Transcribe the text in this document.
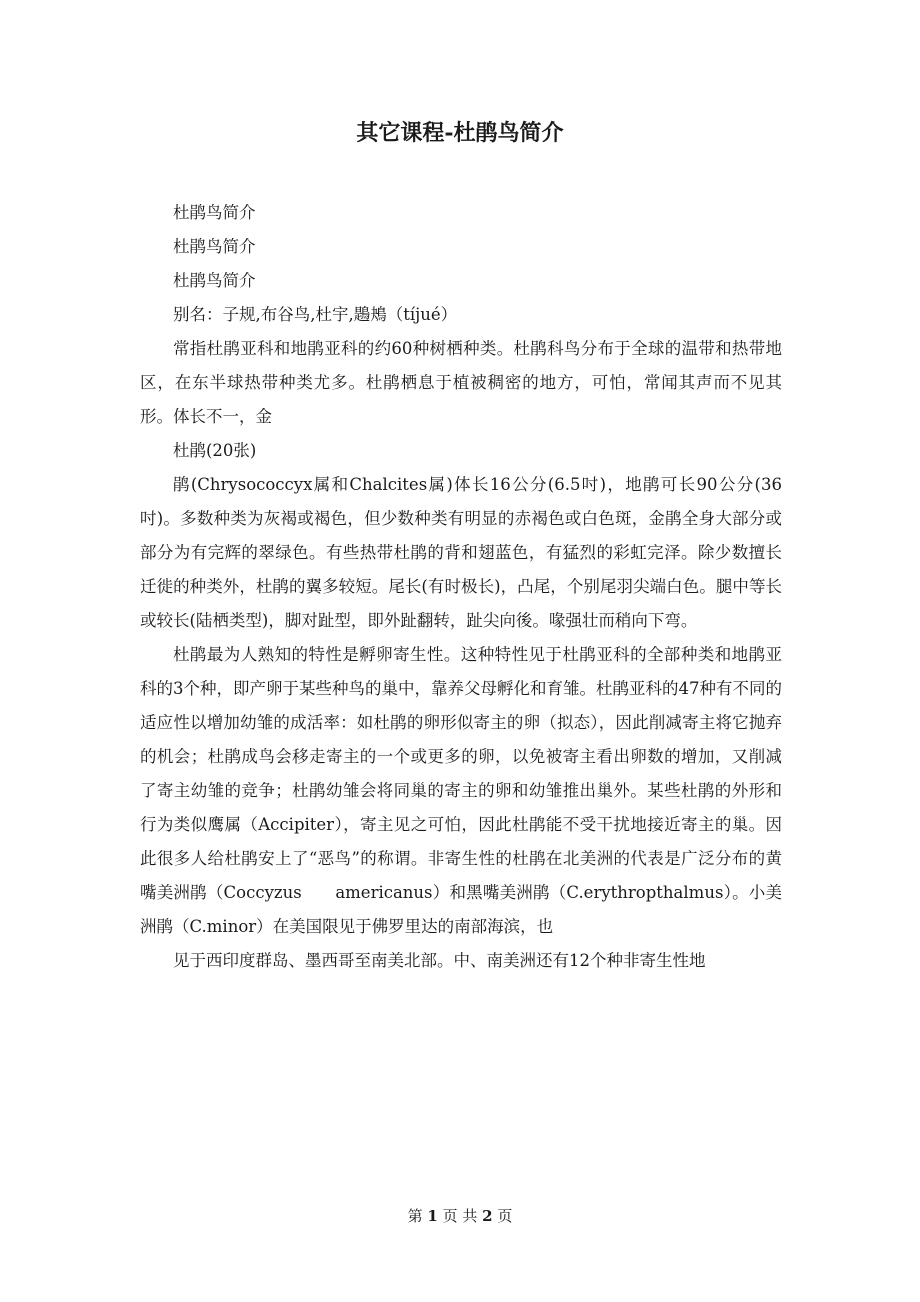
其它课程-杜鹃鸟简介

杜鹃鸟简介

杜鹃鸟简介

杜鹃鸟简介

别名：子规,布谷鸟,杜宇,鶗鴂（tíjué）

常指杜鹃亚科和地鹃亚科的约60种树栖种类。杜鹃科鸟分布于全球的温带和热带地区，在东半球热带种类尤多。杜鹃栖息于植被稠密的地方，可怕，常闻其声而不见其形。体长不一，金

杜鹃(20张)

鹃(Chrysococcyx属和Chalcites属)体长16公分(6.5吋)，地鹃可长90公分(36吋)。多数种类为灰褐或褐色，但少数种类有明显的赤褐色或白色斑，金鹃全身大部分或部分为有完辉的翠绿色。有些热带杜鹃的背和翅蓝色，有猛烈的彩虹完泽。除少数擅长迁徙的种类外，杜鹃的翼多较短。尾长(有时极长)，凸尾，个别尾羽尖端白色。腿中等长或较长(陆栖类型)，脚对趾型，即外趾翻转，趾尖向後。喙强壮而稍向下弯。

杜鹃最为人熟知的特性是孵卵寄生性。这种特性见于杜鹃亚科的全部种类和地鹃亚科的3个种，即产卵于某些种鸟的巢中，靠养父母孵化和育雏。杜鹃亚科的47种有不同的适应性以增加幼雏的成活率：如杜鹃的卵形似寄主的卵（拟态），因此削减寄主将它抛弃的机会；杜鹃成鸟会移走寄主的一个或更多的卵，以免被寄主看出卵数的增加，又削减了寄主幼雏的竞争；杜鹃幼雏会将同巢的寄主的卵和幼雏推出巢外。某些杜鹃的外形和行为类似鹰属（Accipiter），寄主见之可怕，因此杜鹃能不受干扰地接近寄主的巢。因此很多人给杜鹃安上了“恶鸟”的称谓。非寄生性的杜鹃在北美洲的代表是广泛分布的黄嘴美洲鹃（Coccyzus　　americanus）和黑嘴美洲鹃（C.erythropthalmus）。小美洲鹃（C.minor）在美国限见于佛罗里达的南部海滨，也

见于西印度群岛、墨西哥至南美北部。中、南美洲还有12个种非寄生性地

第 1 页 共 2 页
